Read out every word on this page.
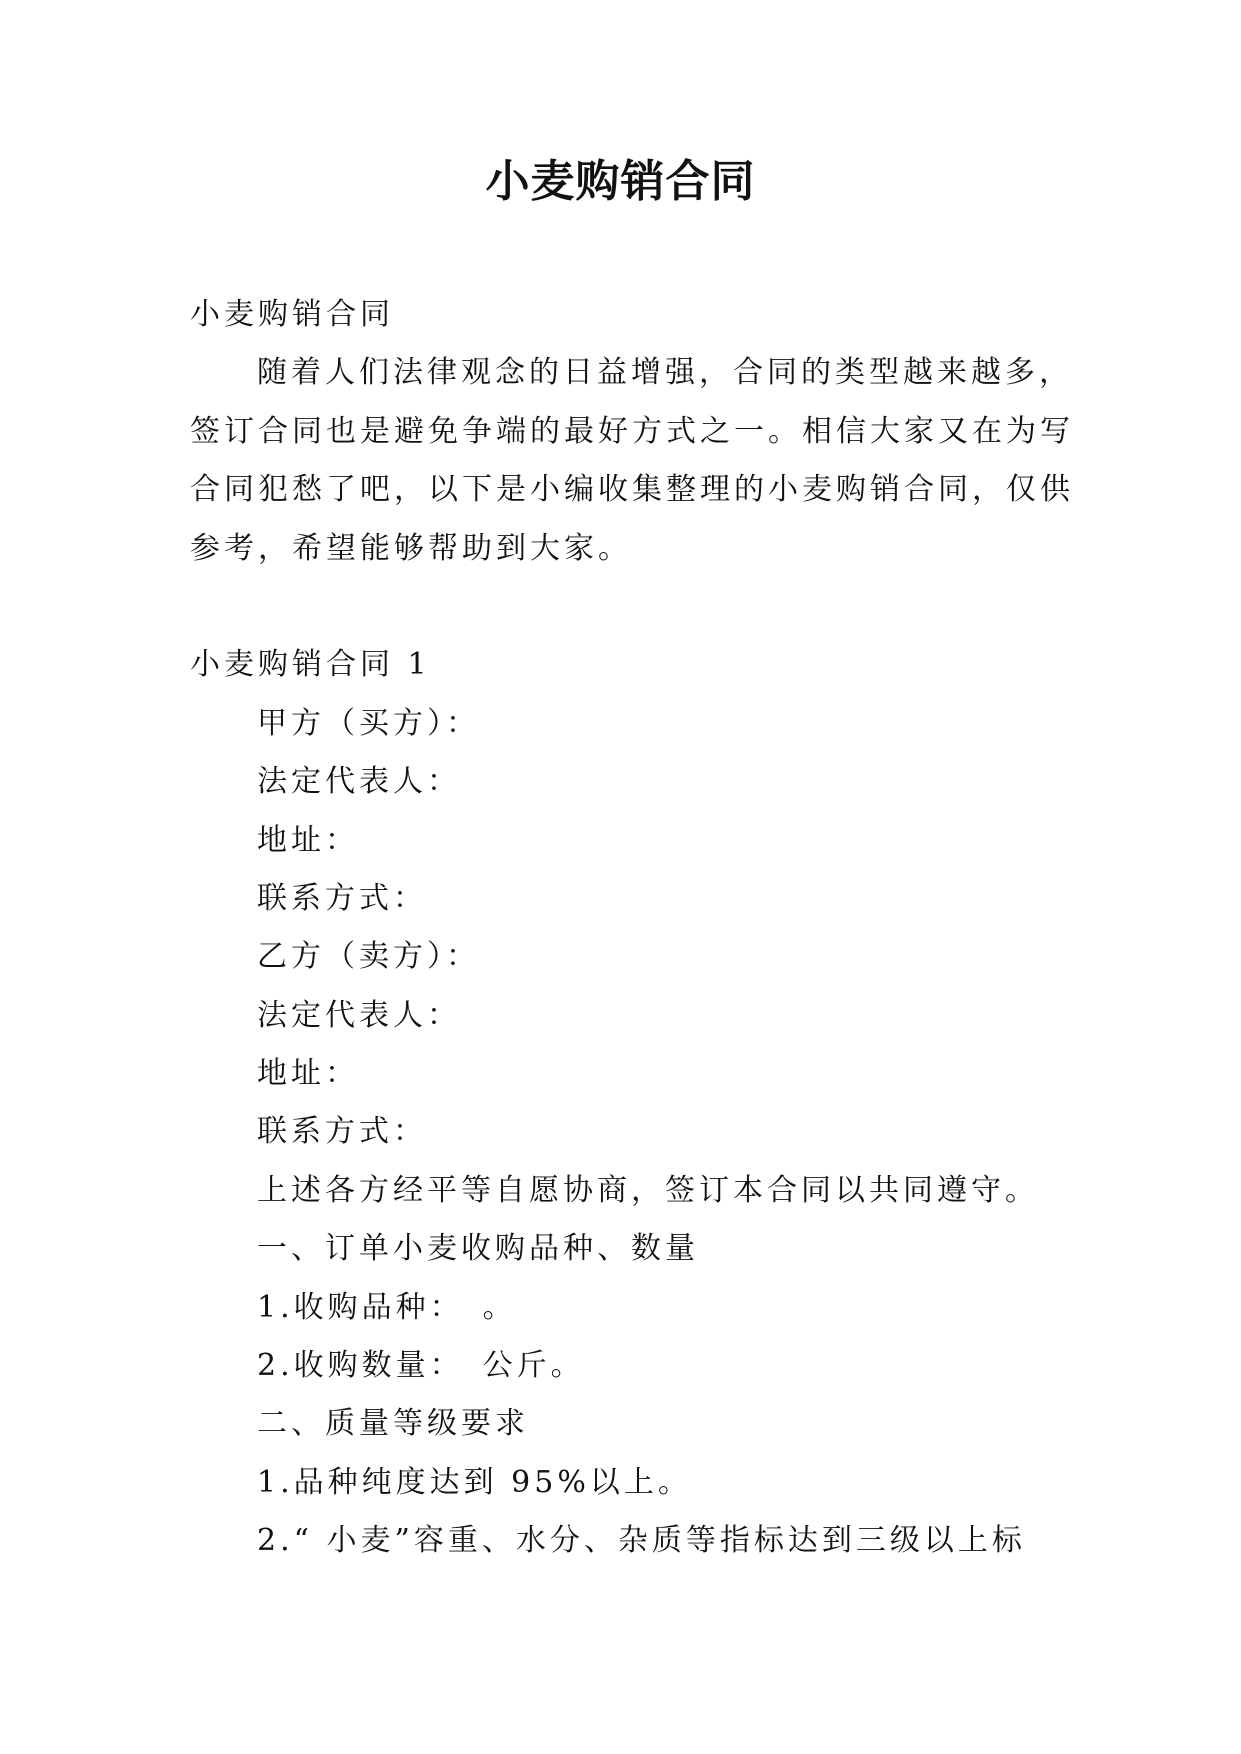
小麦购销合同
小麦购销合同
随着人们法律观念的日益增强，合同的类型越来越多，
签订合同也是避免争端的最好方式之一。相信大家又在为写
合同犯愁了吧，以下是小编收集整理的小麦购销合同，仅供
参考，希望能够帮助到大家。
小麦购销合同 1
甲方（买方）：
法定代表人：
地址：
联系方式：
乙方（卖方）：
法定代表人：
地址：
联系方式：
上述各方经平等自愿协商，签订本合同以共同遵守。
一、订单小麦收购品种、数量
1.收购品种：　。
2.收购数量：　公斤。
二、质量等级要求
1.品种纯度达到 95%以上。
2.“ 小麦”容重、水分、杂质等指标达到三级以上标
